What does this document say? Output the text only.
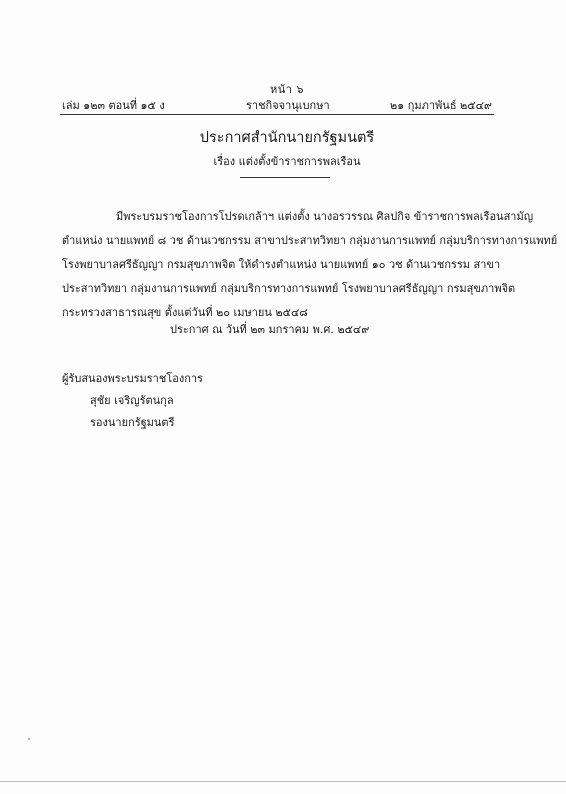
หน้า ๖
เล่ม ๑๒๓ ตอนที่ ๑๕ ง	ราชกิจจานุเบกษา	๒๑ กุมภาพันธ์ ๒๕๔๙
ประกาศสำนักนายกรัฐมนตรี
เรื่อง แต่งตั้งข้าราชการพลเรือน
มีพระบรมราชโองการโปรดเกล้าฯ แต่งตั้ง นางอรวรรณ ศิลปกิจ ข้าราชการพลเรือนสามัญ
ตำแหน่ง นายแพทย์ ๘ วช ด้านเวชกรรม สาขาประสาทวิทยา กลุ่มงานการแพทย์ กลุ่มบริการทางการแพทย์
โรงพยาบาลศรีธัญญา กรมสุขภาพจิต ให้ดำรงตำแหน่ง นายแพทย์ ๑๐ วช ด้านเวชกรรม สาขา
ประสาทวิทยา กลุ่มงานการแพทย์ กลุ่มบริการทางการแพทย์ โรงพยาบาลศรีธัญญา กรมสุขภาพจิต
กระทรวงสาธารณสุข ตั้งแต่วันที่ ๒๐ เมษายน ๒๕๔๘
ประกาศ ณ วันที่ ๒๓ มกราคม พ.ศ. ๒๕๔๙
ผู้รับสนองพระบรมราชโองการ
สุชัย เจริญรัตนกุล
รองนายกรัฐมนตรี
